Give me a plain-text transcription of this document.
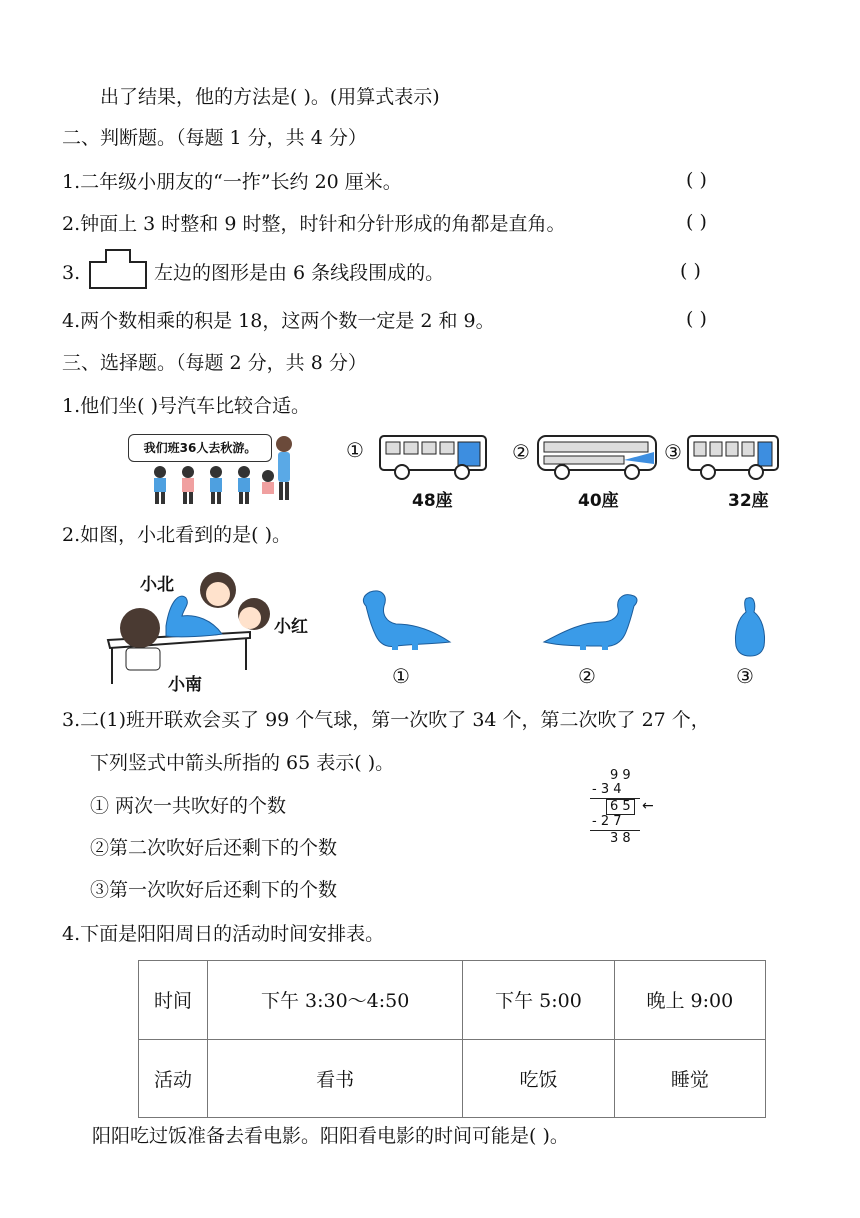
出了结果，他的方法是( )。(用算式表示)
二、判断题。（每题 1 分，共 4 分）
1.二年级小朋友的“一拃”长约 20 厘米。	( )
2.钟面上 3 时整和 9 时整，时针和分针形成的角都是直角。	( )
3.	左边的图形是由 6 条线段围成的。	( )
4.两个数相乘的积是 18，这两个数一定是 2 和 9。	( )
三、选择题。（每题 2 分，共 8 分）
1.他们坐( )号汽车比较合适。
我们班36人去秋游。	①
48座
②
40座
③
32座
2.如图，小北看到的是( )。
小北
小红
小南	①	②	③
3.二(1)班开联欢会买了 99 个气球，第一次吹了 34 个，第二次吹了 27 个，
下列竖式中箭头所指的 65 表示( )。
① 两次一共吹好的个数
②第二次吹好后还剩下的个数
③第一次吹好后还剩下的个数
9 9
- 3 4
6 5 ←
- 2 7
3 8
4.下面是阳阳周日的活动时间安排表。
时间	下午 3:30～4:50	下午 5:00	晚上 9:00
活动	看书	吃饭	睡觉
阳阳吃过饭准备去看电影。阳阳看电影的时间可能是( )。
